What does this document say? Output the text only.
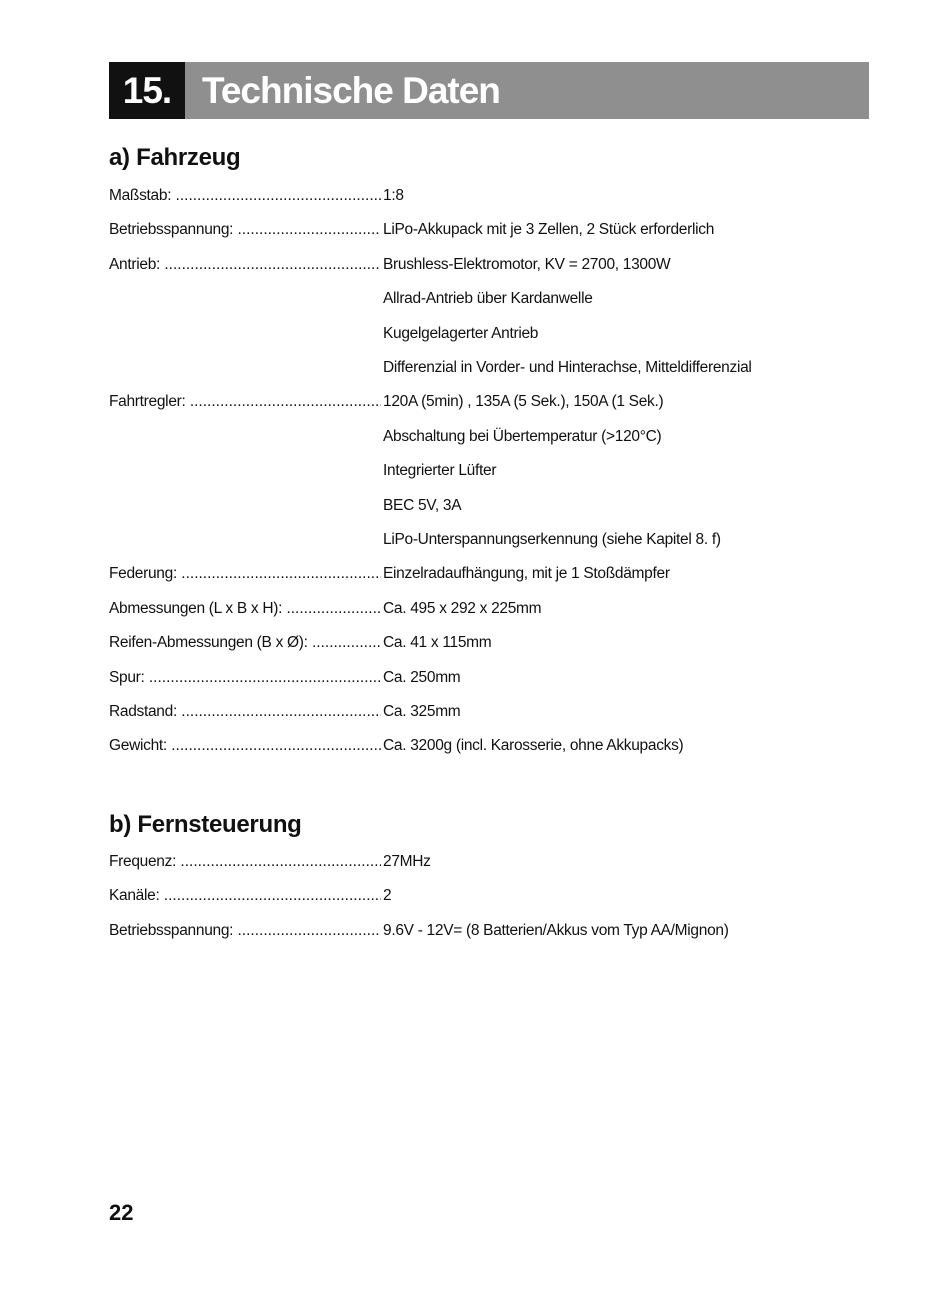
15. Technische Daten
a) Fahrzeug
Maßstab: .....	1:8
Betriebsspannung: .....	LiPo-Akkupack mit je 3 Zellen, 2 Stück erforderlich
Antrieb: .....	Brushless-Elektromotor, KV = 2700, 1300W
Allrad-Antrieb über Kardanwelle
Kugelgelagerter Antrieb
Differenzial in Vorder- und Hinterachse, Mitteldifferenzial
Fahrtregler: .....	120A (5min) , 135A (5 Sek.), 150A (1 Sek.)
Abschaltung bei Übertemperatur (>120°C)
Integrierter Lüfter
BEC 5V, 3A
LiPo-Unterspannungserkennung (siehe Kapitel 8. f)
Federung: .....	Einzelradaufhängung, mit je 1 Stoßdämpfer
Abmessungen (L x B x H): .....	Ca. 495 x 292 x 225mm
Reifen-Abmessungen (B x Ø): .....	Ca. 41 x 115mm
Spur: .....	Ca. 250mm
Radstand: .....	Ca. 325mm
Gewicht: .....	Ca. 3200g (incl. Karosserie, ohne Akkupacks)
b) Fernsteuerung
Frequenz: .....	27MHz
Kanäle: .....	2
Betriebsspannung: .....	9.6V - 12V= (8 Batterien/Akkus vom Typ AA/Mignon)
22
